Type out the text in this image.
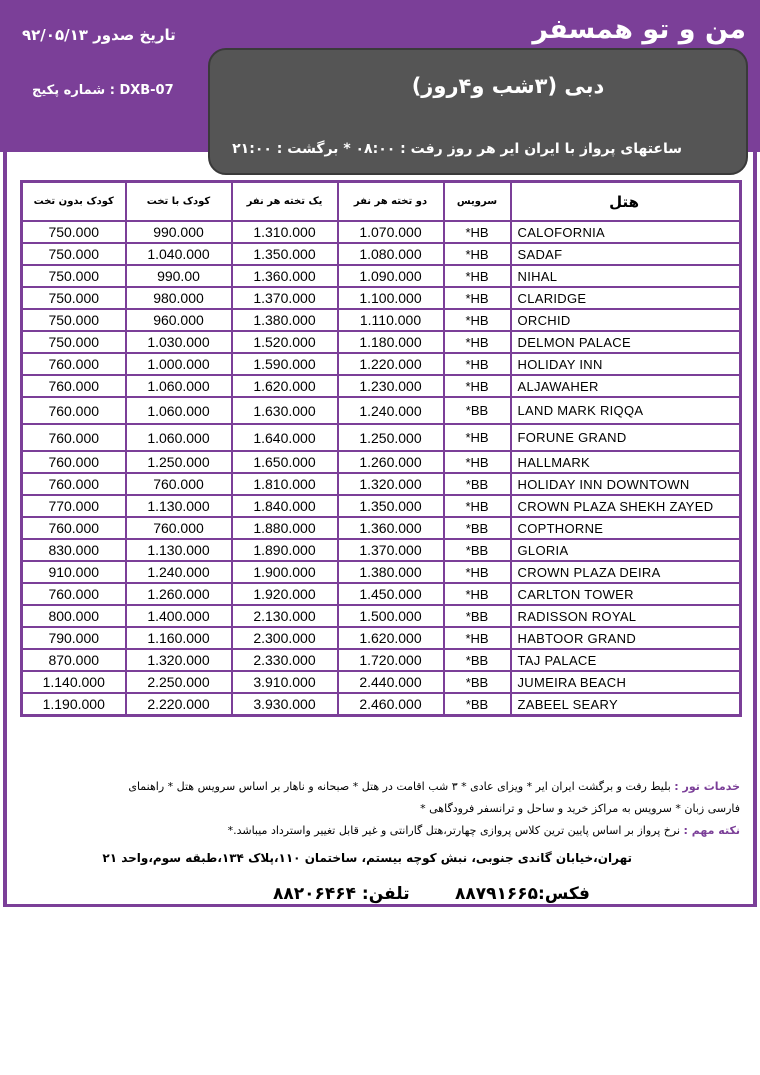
من و تو همسفر
تاریخ صدور ۹۲/۰۵/۱۳
DXB-07 : شماره پکیج	دبی (۳شب و۴روز)
ساعتهای پرواز با ایران ایر هر روز رفت : ۰۸:۰۰ * برگشت : ۲۱:۰۰
کودک بدون تخت	کودک با تخت	یک تخته هر نفر	دو تخته هر نفر	سرویس	هتل
750.000	990.000	1.310.000	1.070.000	*HB	CALOFORNIA
750.000	1.040.000	1.350.000	1.080.000	*HB	SADAF
750.000	990.00	1.360.000	1.090.000	*HB	NIHAL
750.000	980.000	1.370.000	1.100.000	*HB	CLARIDGE
750.000	960.000	1.380.000	1.110.000	*HB	ORCHID
750.000	1.030.000	1.520.000	1.180.000	*HB	DELMON PALACE
760.000	1.000.000	1.590.000	1.220.000	*HB	HOLIDAY INN
760.000	1.060.000	1.620.000	1.230.000	*HB	ALJAWAHER
760.000	1.060.000	1.630.000	1.240.000	*BB	LAND MARK RIQQA
760.000	1.060.000	1.640.000	1.250.000	*HB	FORUNE GRAND
760.000	1.250.000	1.650.000	1.260.000	*HB	HALLMARK
760.000	760.000	1.810.000	1.320.000	*BB	HOLIDAY INN DOWNTOWN
770.000	1.130.000	1.840.000	1.350.000	*HB	CROWN PLAZA SHEKH ZAYED
760.000	760.000	1.880.000	1.360.000	*BB	COPTHORNE
830.000	1.130.000	1.890.000	1.370.000	*BB	GLORIA
910.000	1.240.000	1.900.000	1.380.000	*HB	CROWN PLAZA DEIRA
760.000	1.260.000	1.920.000	1.450.000	*HB	CARLTON TOWER
800.000	1.400.000	2.130.000	1.500.000	*BB	RADISSON ROYAL
790.000	1.160.000	2.300.000	1.620.000	*HB	HABTOOR GRAND
870.000	1.320.000	2.330.000	1.720.000	*BB	TAJ PALACE
1.140.000	2.250.000	3.910.000	2.440.000	*BB	JUMEIRA BEACH
1.190.000	2.220.000	3.930.000	2.460.000	*BB	ZABEEL SEARY
خدمات تور : بلیط رفت و برگشت ایران ایر * ویزای عادی * ۳ شب اقامت در هتل * صبحانه و ناهار بر اساس سرویس هتل * راهنمای
فارسی زبان * سرویس به مراکز خرید و ساحل و ترانسفر فرودگاهی *
نکته مهم : نرخ پرواز بر اساس پایین ترین کلاس پروازی چهارتر،هتل گارانتی و غیر قابل تغییر واسترداد میباشد.*
تهران،خیابان گاندی جنوبی، نبش کوچه بیستم، ساختمان ۱۱۰،پلاک ۱۳۴،طبقه سوم،واحد ۲۱
فکس:۸۸۷۹۱۶۶۵
تلفن: ۸۸۲۰۶۴۶۴
